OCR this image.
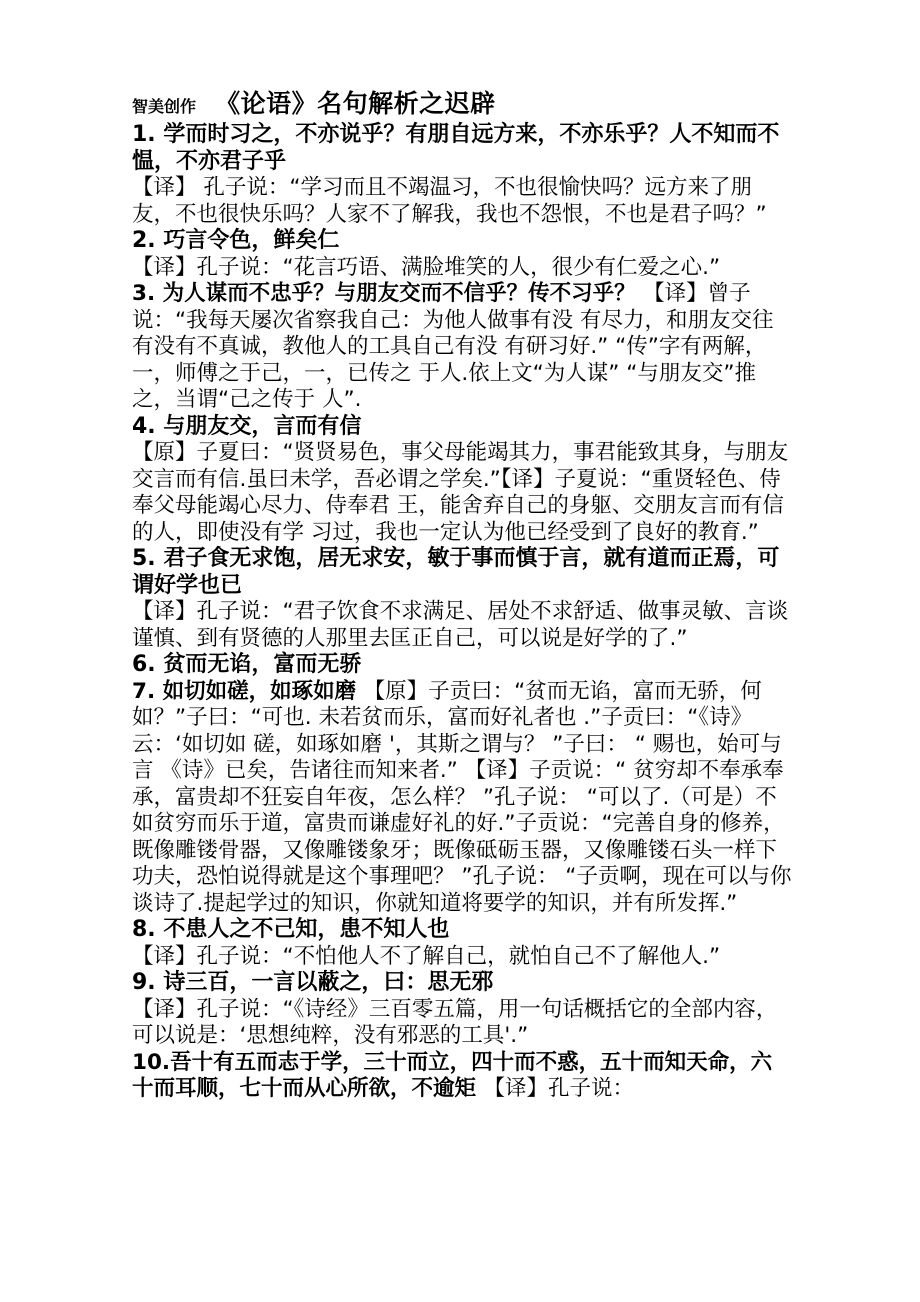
智美创作 《论语》名句解析之迟辟

1. 学而时习之，不亦说乎？有朋自远方来，不亦乐乎？人不知而不愠，不亦君子乎

【译】 孔子说：“学习而且不竭温习，不也很愉快吗？远方来了朋友，不也很快乐吗？人家不了解我，我也不怨恨，不也是君子吗？”

2. 巧言令色，鲜矣仁

【译】孔子说：“花言巧语、满脸堆笑的人，很少有仁爱之心.”

3. 为人谋而不忠乎？与朋友交而不信乎？传不习乎？ 【译】曾子说：“我每天屡次省察我自己：为他人做事有没 有尽力，和朋友交往有没有不真诚，教他人的工具自己有没 有研习好.” “传”字有两解，一，师傅之于己，一，已传之 于人.依上文“为人谋” “与朋友交”推之，当谓“己之传于 人”.

4. 与朋友交，言而有信

【原】子夏曰：“贤贤易色，事父母能竭其力，事君能致其身，与朋友交言而有信.虽曰未学，吾必谓之学矣.”【译】子夏说：“重贤轻色、侍奉父母能竭心尽力、侍奉君 王，能舍弃自己的身躯、交朋友言而有信的人，即使没有学 习过，我也一定认为他已经受到了良好的教育.”

5. 君子食无求饱，居无求安，敏于事而慎于言，就有道而正焉，可谓好学也已

【译】孔子说：“君子饮食不求满足、居处不求舒适、做事灵敏、言谈谨慎、到有贤德的人那里去匡正自己，可以说是好学的了.”

6. 贫而无谄，富而无骄

7. 如切如磋，如琢如磨 【原】子贡曰：“贫而无谄，富而无骄，何如？”子曰：“可也. 未若贫而乐，富而好礼者也 .”子贡曰：“《诗》云：‘如切如 磋，如琢如磨 '，其斯之谓与？ ”子曰： “ 赐也，始可与言 《诗》已矣，告诸往而知来者.” 【译】子贡说：“ 贫穷却不奉承奉承，富贵却不狂妄自年夜，怎么样？ ”孔子说： “可以了.（可是）不如贫穷而乐于道，富贵而谦虚好礼的好.”子贡说：“完善自身的修养，既像雕镂骨器，又像雕镂象牙；既像砥砺玉器，又像雕镂石头一样下功夫，恐怕说得就是这个事理吧？ ”孔子说： “子贡啊，现在可以与你谈诗了.提起学过的知识，你就知道将要学的知识，并有所发挥.”

8. 不患人之不己知，患不知人也

【译】孔子说：“不怕他人不了解自己，就怕自己不了解他人.”

9. 诗三百，一言以蔽之，曰：思无邪

【译】孔子说：“《诗经》三百零五篇，用一句话概括它的全部内容，可以说是：‘思想纯粹，没有邪恶的工具'.”

10.吾十有五而志于学，三十而立，四十而不惑，五十而知天命，六十而耳顺，七十而从心所欲，不逾矩 【译】孔子说：
